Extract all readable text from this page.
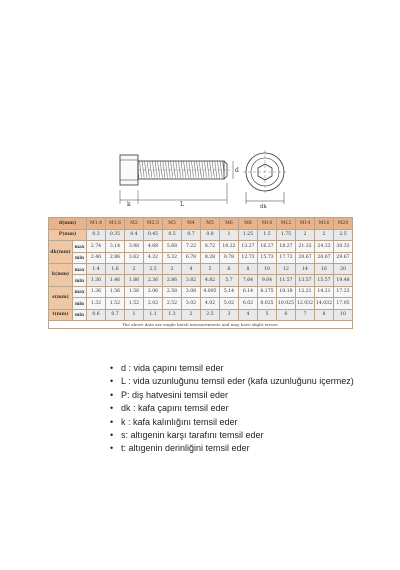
d
k	L	dk
d(mm)		M1.4	M1.6	M2	M2.5	M3	M4	M5	M6	M8	M10	M12	M14	M16	M20
P(mm)		0.3	0.35	0.4	0.45	0.5	0.7	0.8	1	1.25	1.5	1.75	2	2	2.5
dk(mm)	max	2.74	3.14	3.98	4.68	5.68	7.22	8.72	10.22	13.27	16.27	18.27	21.33	24.33	30.33
	min	2.46	2.86	3.62	4.32	5.32	6.78	8.28	9.78	12.73	15.73	17.73	20.67	20.67	29.67
k(mm)	max	1.4	1.6	2	2.5	3	4	5	6	8	10	12	14	16	20
	min	1.36	1.46	1.86	2.36	2.86	3.82	4.82	5.7	7.64	9.64	11.57	13.57	15.57	19.48
s(mm)	max	1.36	1.56	1.56	2.06	2.58	3.08	4.095	5.14	6.14	8.175	10.18	12.21	14.21	17.23
	min	1.32	1.52	1.52	2.02	2.52	3.02	4.02	5.02	6.02	8.025	10.025	12.032	14.032	17.05
t(mm)	min	0.6	0.7	1	1.1	1.3	2	2.5	3	4	5	6	7	8	10
The above data are single batch measurements and may have slight errors.															
• d : vida çapını temsil eder
• L : vida uzunluğunu temsil eder (kafa uzunluğunu içermez)
• P: diş hatvesini temsil eder
• dk : kafa çapını temsil eder
• k : kafa kalınlığını temsil eder
• s: altıgenin karşı tarafını temsil eder
• t: altıgenin derinliğini temsil eder
